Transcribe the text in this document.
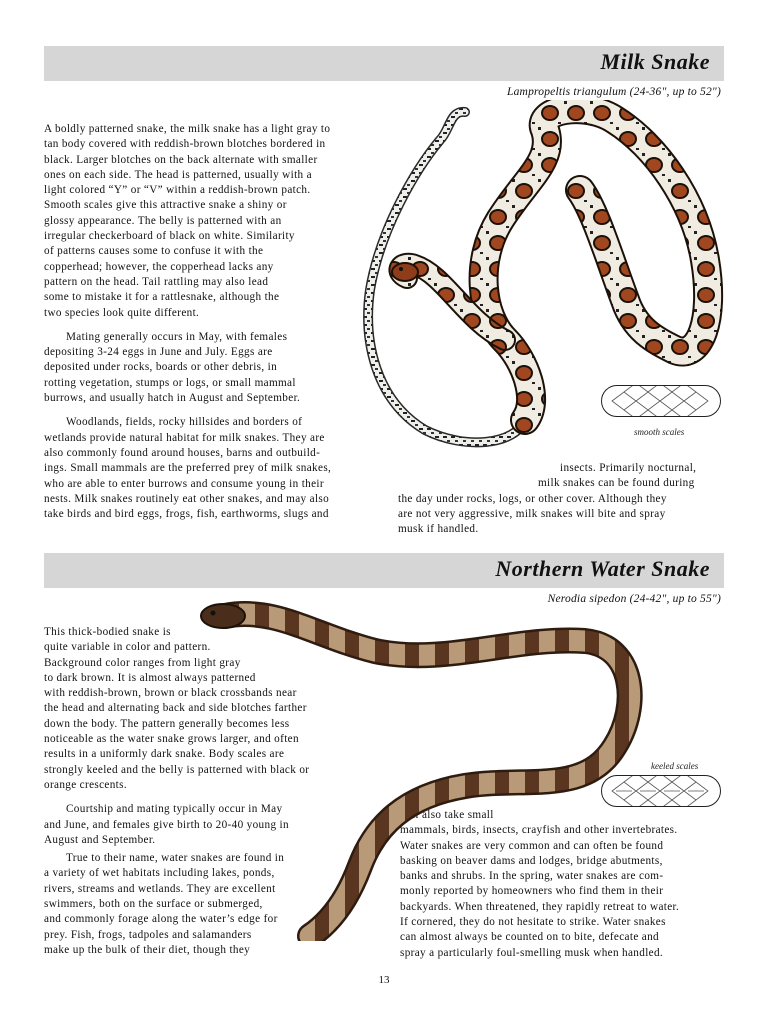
Milk Snake
Lampropeltis triangulum (24-36", up to 52")
A boldly patterned snake, the milk snake has a light gray to
tan body covered with reddish-brown blotches bordered in
black. Larger blotches on the back alternate with smaller
ones on each side. The head is patterned, usually with a
light colored “Y” or “V” within a reddish-brown patch.
Smooth scales give this attractive snake a shiny or
glossy appearance. The belly is patterned with an
irregular checkerboard of black on white. Similarity
of patterns causes some to confuse it with the
copperhead; however, the copperhead lacks any
pattern on the head. Tail rattling may also lead
some to mistake it for a rattlesnake, although the
two species look quite different.
Mating generally occurs in May, with females
depositing 3-24 eggs in June and July. Eggs are
deposited under rocks, boards or other debris, in
rotting vegetation, stumps or logs, or small mammal
burrows, and usually hatch in August and September.
Woodlands, fields, rocky hillsides and borders of
wetlands provide natural habitat for milk snakes. They are
also commonly found around houses, barns and outbuild-
ings. Small mammals are the preferred prey of milk snakes,
who are able to enter burrows and consume young in their
nests. Milk snakes routinely eat other snakes, and may also
take birds and bird eggs, frogs, fish, earthworms, slugs and
insects. Primarily nocturnal,
milk snakes can be found during
the day under rocks, logs, or other cover. Although they
are not very aggressive, milk snakes will bite and spray
musk if handled.
smooth scales
Northern Water Snake
Nerodia sipedon (24-42", up to 55")
This thick-bodied snake is
quite variable in color and pattern.
Background color ranges from light gray
to dark brown. It is almost always patterned
with reddish-brown, brown or black crossbands near
the head and alternating back and side blotches farther
down the body. The pattern generally becomes less
noticeable as the water snake grows larger, and often
results in a uniformly dark snake. Body scales are
strongly keeled and the belly is patterned with black or
orange crescents.
Courtship and mating typically occur in May
and June, and females give birth to 20-40 young in
August and September.
True to their name, water snakes are found in
a variety of wet habitats including lakes, ponds,
rivers, streams and wetlands. They are excellent
swimmers, both on the surface or submerged,
and commonly forage along the water’s edge for
prey. Fish, frogs, tadpoles and salamanders
make up the bulk of their diet, though they
will also take small
mammals, birds, insects, crayfish and other invertebrates.
Water snakes are very common and can often be found
basking on beaver dams and lodges, bridge abutments,
banks and shrubs. In the spring, water snakes are com-
monly reported by homeowners who find them in their
backyards. When threatened, they rapidly retreat to water.
If cornered, they do not hesitate to strike. Water snakes
can almost always be counted on to bite, defecate and
spray a particularly foul-smelling musk when handled.
keeled scales
13
